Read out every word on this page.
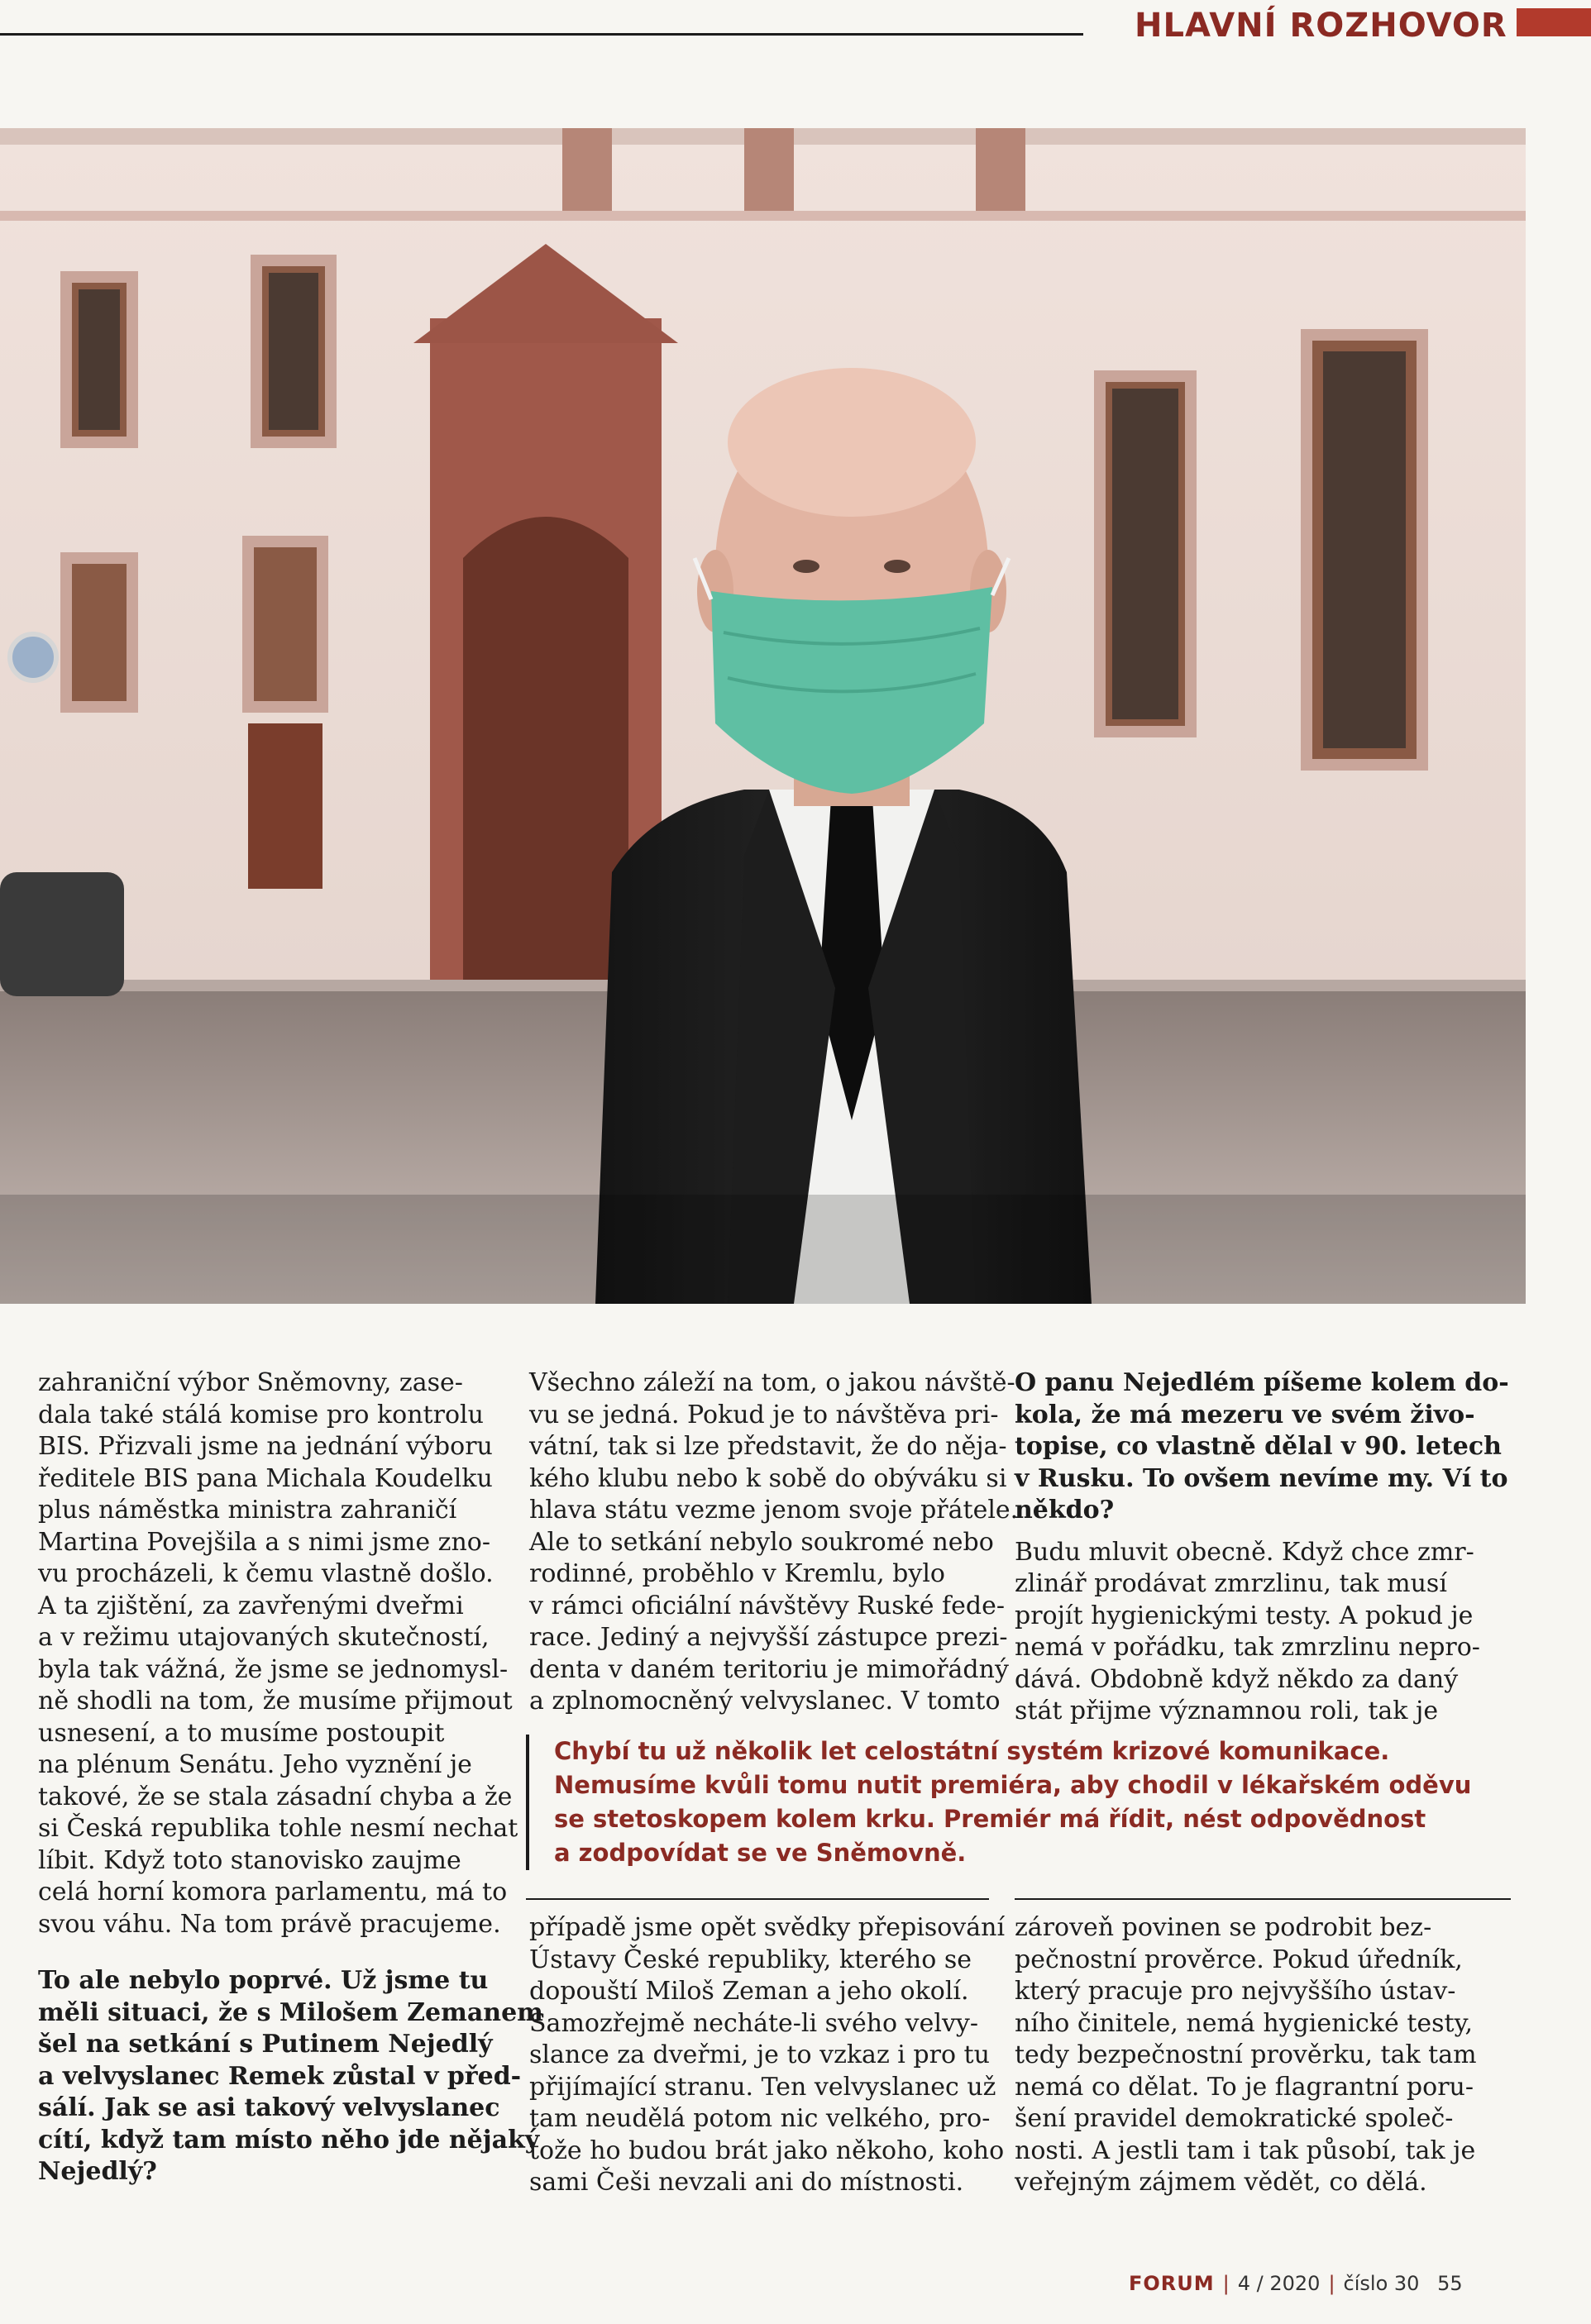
HLAVNÍ ROZHOVOR

zahraniční výbor Sněmovny, zase-
dala také stálá komise pro kontrolu
BIS. Přizvali jsme na jednání výboru
ředitele BIS pana Michala Koudelku
plus náměstka ministra zahraničí
Martina Povejšila a s nimi jsme zno-
vu procházeli, k čemu vlastně došlo.
A ta zjištění, za zavřenými dveřmi
a v režimu utajovaných skutečností,
byla tak vážná, že jsme se jednomysl-
ně shodli na tom, že musíme přijmout
usnesení, a to musíme postoupit
na plénum Senátu. Jeho vyznění je
takové, že se stala zásadní chyba a že
si Česká republika tohle nesmí nechat
líbit. Když toto stanovisko zaujme
celá horní komora parlamentu, má to
svou váhu. Na tom právě pracujeme.

To ale nebylo poprvé. Už jsme tu
měli situaci, že s Milošem Zemanem
šel na setkání s Putinem Nejedlý
a velvyslanec Remek zůstal v před-
sálí. Jak se asi takový velvyslanec
cítí, když tam místo něho jde nějaký
Nejedlý?

Všechno záleží na tom, o jakou návště-
vu se jedná. Pokud je to návštěva pri-
vátní, tak si lze představit, že do něja-
kého klubu nebo k sobě do obýváku si
hlava státu vezme jenom svoje přátele.
Ale to setkání nebylo soukromé nebo
rodinné, proběhlo v Kremlu, bylo
v rámci oficiální návštěvy Ruské fede-
race. Jediný a nejvyšší zástupce prezi-
denta v daném teritoriu je mimořádný
a zplnomocněný velvyslanec. V tomto

O panu Nejedlém píšeme kolem do-
kola, že má mezeru ve svém živo-
topise, co vlastně dělal v 90. letech
v Rusku. To ovšem nevíme my. Ví to
někdo?

Budu mluvit obecně. Když chce zmr-
zlinář prodávat zmrzlinu, tak musí
projít hygienickými testy. A pokud je
nemá v pořádku, tak zmrzlinu nepro-
dává. Obdobně když někdo za daný
stát přijme významnou roli, tak je

Chybí tu už několik let celostátní systém krizové komunikace.
Nemusíme kvůli tomu nutit premiéra, aby chodil v lékařském oděvu
se stetoskopem kolem krku. Premiér má řídit, nést odpovědnost
a zodpovídat se ve Sněmovně.

případě jsme opět svědky přepisování
Ústavy České republiky, kterého se
dopouští Miloš Zeman a jeho okolí.
Samozřejmě necháte-li svého velvy-
slance za dveřmi, je to vzkaz i pro tu
přijímající stranu. Ten velvyslanec už
tam neudělá potom nic velkého, pro-
tože ho budou brát jako někoho, koho
sami Češi nevzali ani do místnosti.

zároveň povinen se podrobit bez-
pečnostní prověrce. Pokud úředník,
který pracuje pro nejvyššího ústav-
ního činitele, nemá hygienické testy,
tedy bezpečnostní prověrku, tak tam
nemá co dělat. To je flagrantní poru-
šení pravidel demokratické společ-
nosti. A jestli tam i tak působí, tak je
veřejným zájmem vědět, co dělá.

FORUM | 4 / 2020 | číslo 30 55
